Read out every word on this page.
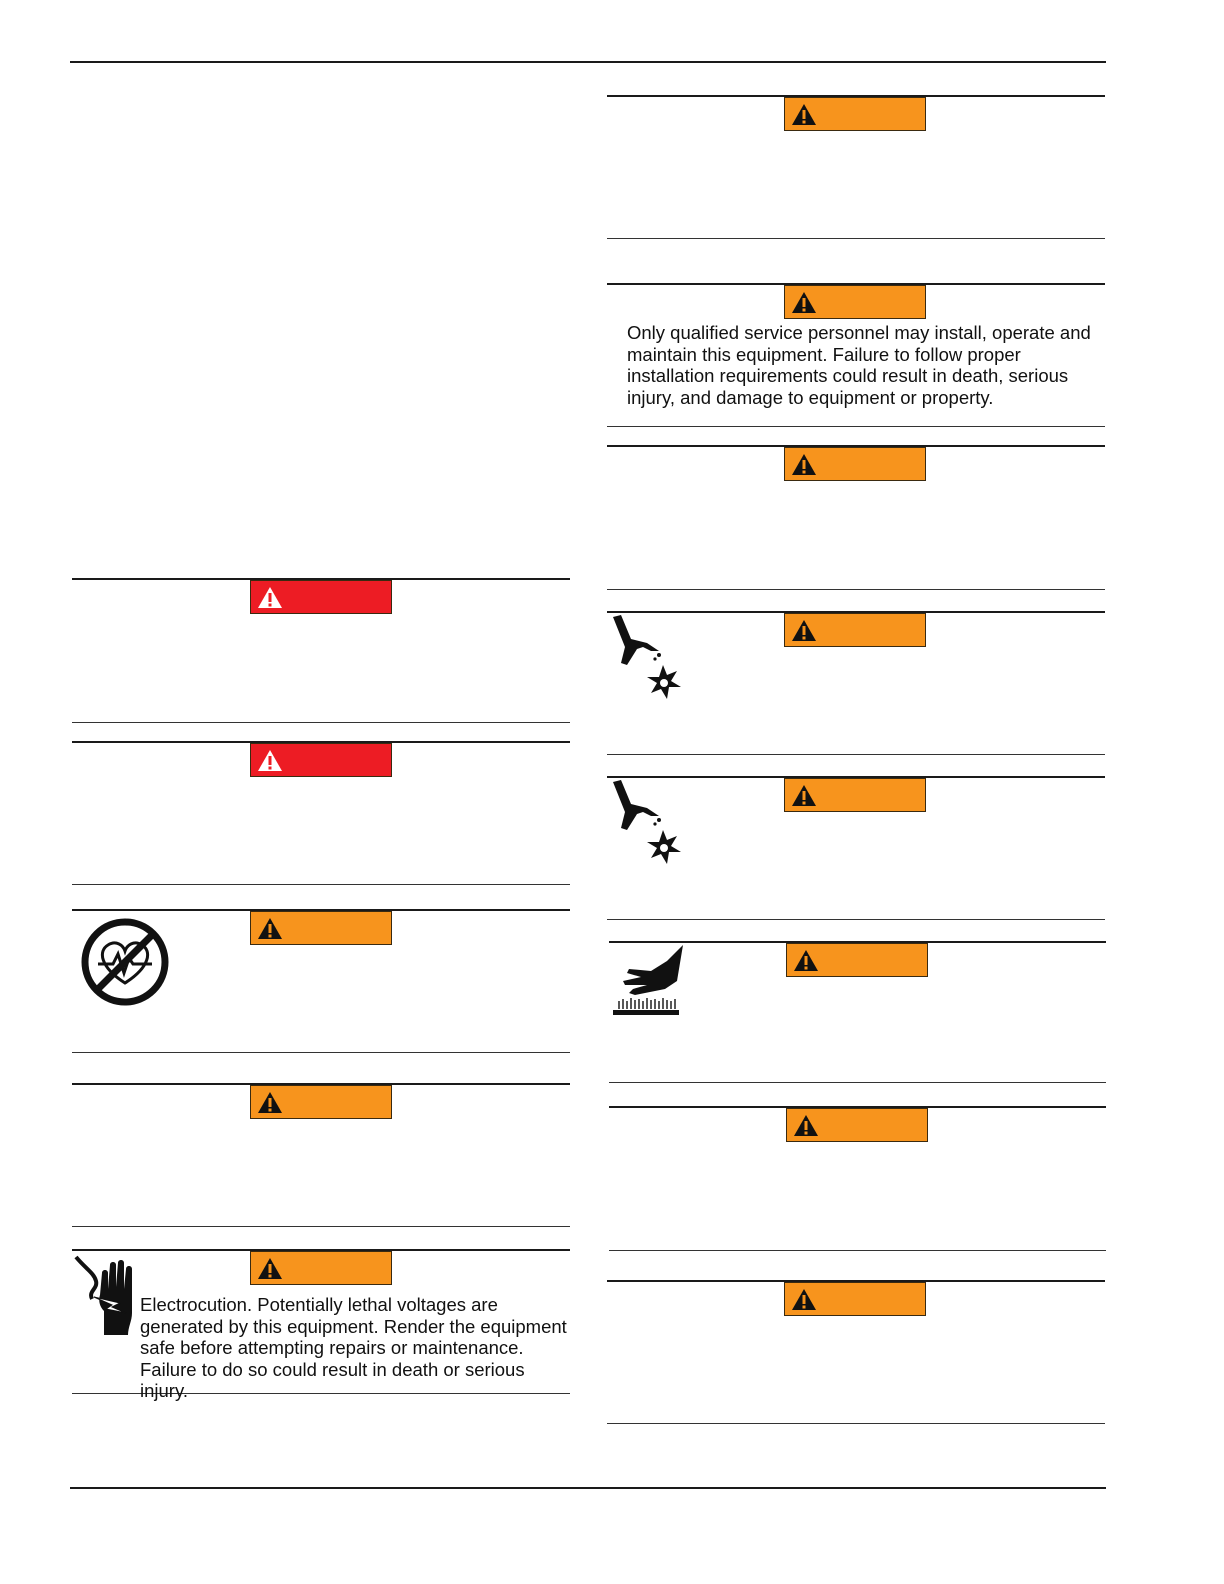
Electrocution. Potentially lethal voltages are generated by this equipment. Render the equipment safe before attempting repairs or maintenance. Failure to do so could result in death or serious injury.
Only qualified service personnel may install, operate and maintain this equipment. Failure to follow proper installation requirements could result in death, serious injury, and damage to equipment or property.
